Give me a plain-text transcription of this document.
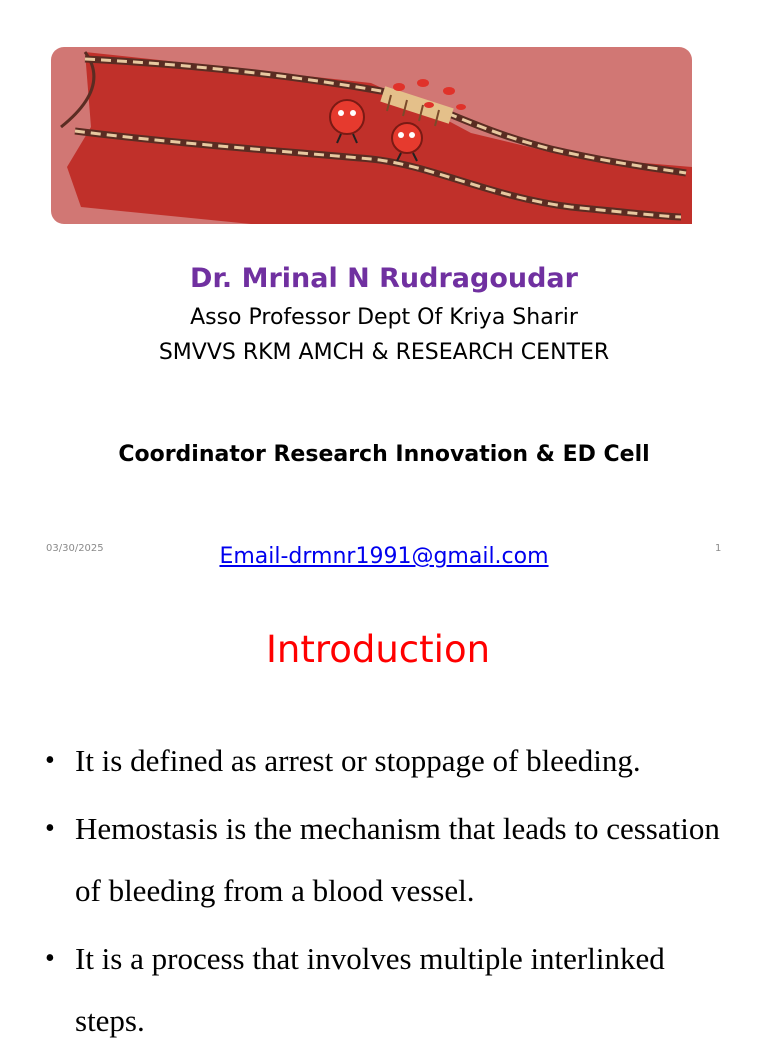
Dr. Mrinal N Rudragoudar
Asso Professor Dept Of Kriya Sharir
SMVVS RKM AMCH & RESEARCH CENTER
Coordinator Research Innovation & ED Cell
Email-drmnr1991@gmail.com
03/30/2025	1
Introduction
• It is defined as arrest or stoppage of bleeding.
• Hemostasis is the mechanism that leads to cessation of bleeding from a blood vessel.
• It is a process that involves multiple interlinked steps.
